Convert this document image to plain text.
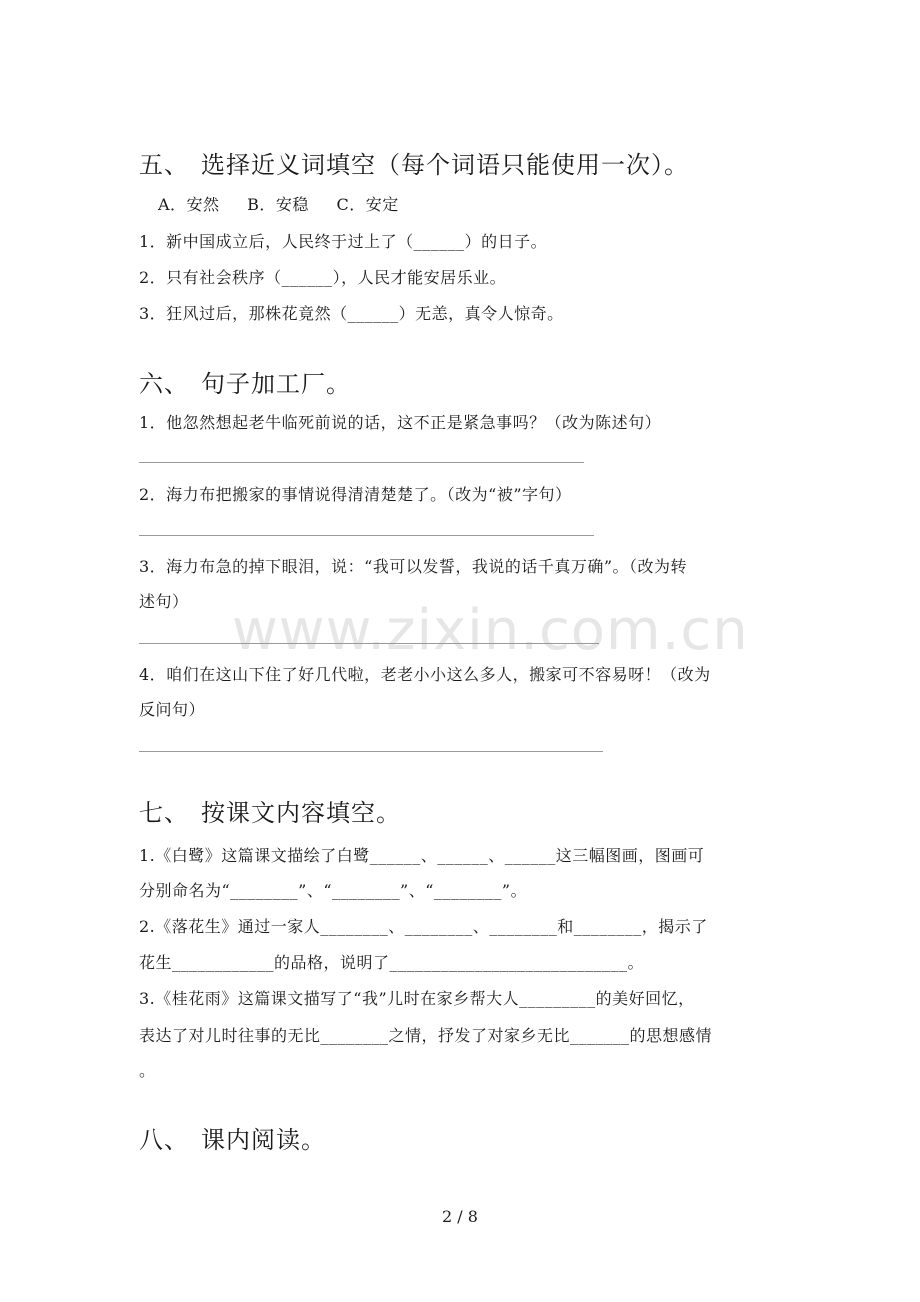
www.zixin.com.cn
五、 选择近义词填空（每个词语只能使用一次）。
A．安然 B．安稳 C．安定
1．新中国成立后，人民终于过上了（______）的日子。
2．只有社会秩序（______），人民才能安居乐业。
3．狂风过后，那株花竟然（______）无恙，真令人惊奇。
六、 句子加工厂。
1．他忽然想起老牛临死前说的话，这不正是紧急事吗？（改为陈述句）
2．海力布把搬家的事情说得清清楚楚了。（改为“被”字句）
3．海力布急的掉下眼泪，说：“我可以发誓，我说的话千真万确”。（改为转
述句）
4．咱们在这山下住了好几代啦，老老小小这么多人，搬家可不容易呀！（改为
反问句）
七、 按课文内容填空。
1.《白鹭》这篇课文描绘了白鹭______、______、______这三幅图画，图画可
分别命名为“________”、“________”、“________”。
2.《落花生》通过一家人________、________、________和________，揭示了
花生____________的品格，说明了____________________________。
3.《桂花雨》这篇课文描写了“我”儿时在家乡帮大人_________的美好回忆，
表达了对儿时往事的无比________之情，抒发了对家乡无比_______的思想感情
。
八、 课内阅读。
2 / 8
